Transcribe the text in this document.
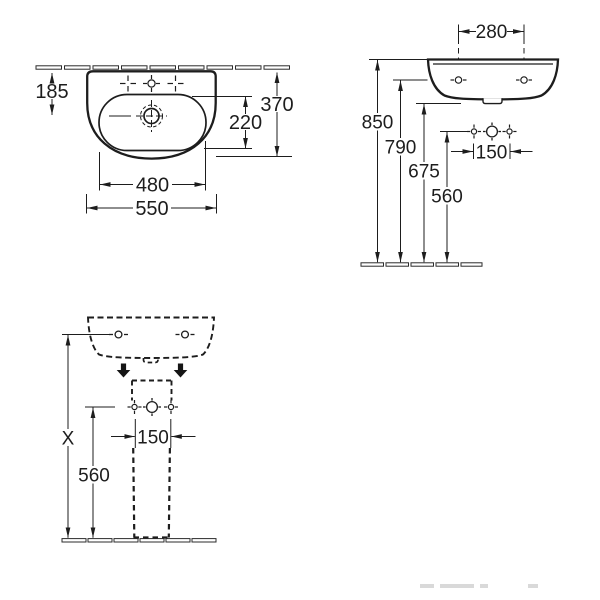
185
370
220
480
550
280
150
850
790
675
560
X
560
150
